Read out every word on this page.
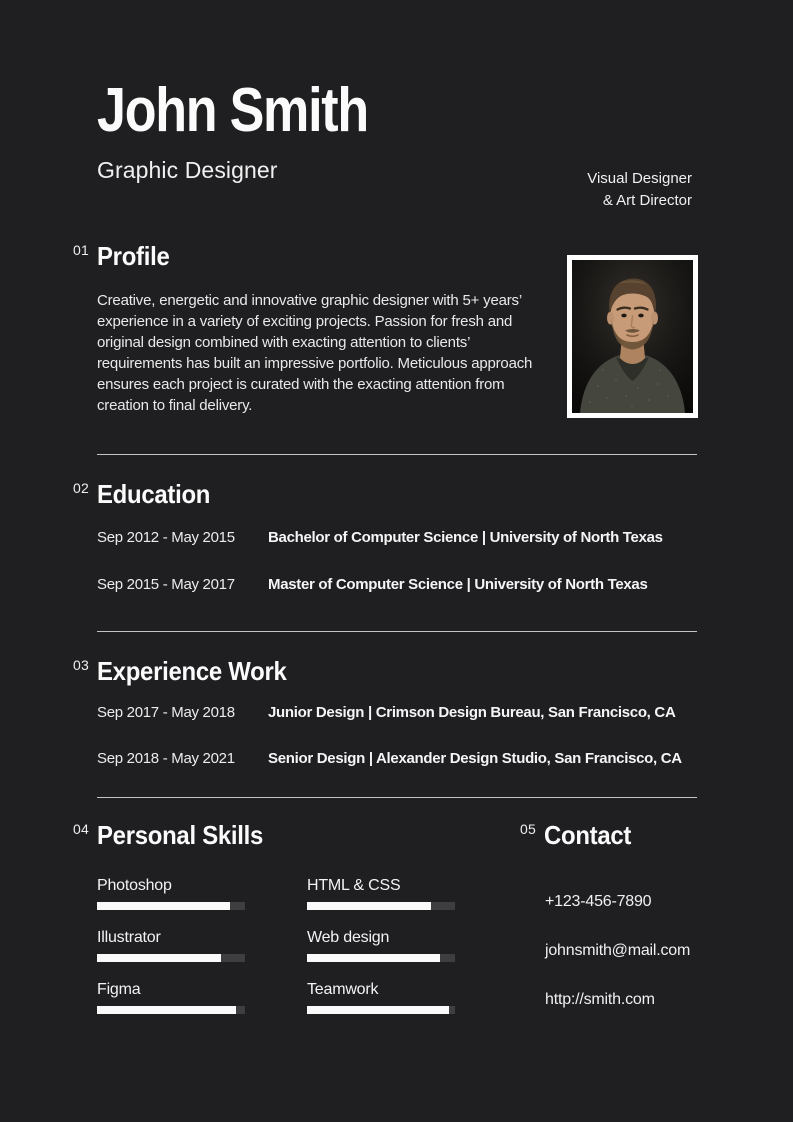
John Smith
Graphic Designer
01 Profile

Creative, energetic and innovative graphic designer with 5+ years’ experience in a variety of exciting projects. Passion for fresh and original design combined with exacting attention to clients’ requirements has built an impressive portfolio. Meticulous approach ensures each project is curated with the exacting attention from creation to final delivery.

02 Education
Sep 2012 - May 2015	Bachelor of Computer Science | University of North Texas
Sep 2015 - May 2017	Master of Computer Science | University of North Texas
03 Experience Work
Sep 2017 - May 2018	Junior Design | Crimson Design Bureau, San Francisco, CA
Sep 2018 - May 2021	Senior Design | Alexander Design Studio, San Francisco, CA
04 Personal Skills
Photoshop	HTML & CSS
Illustrator	Web design
Figma	Teamwork
05 Contact
+123-456-7890
johnsmith@mail.com
http://smith.com
Visual Designer
& Art Director
